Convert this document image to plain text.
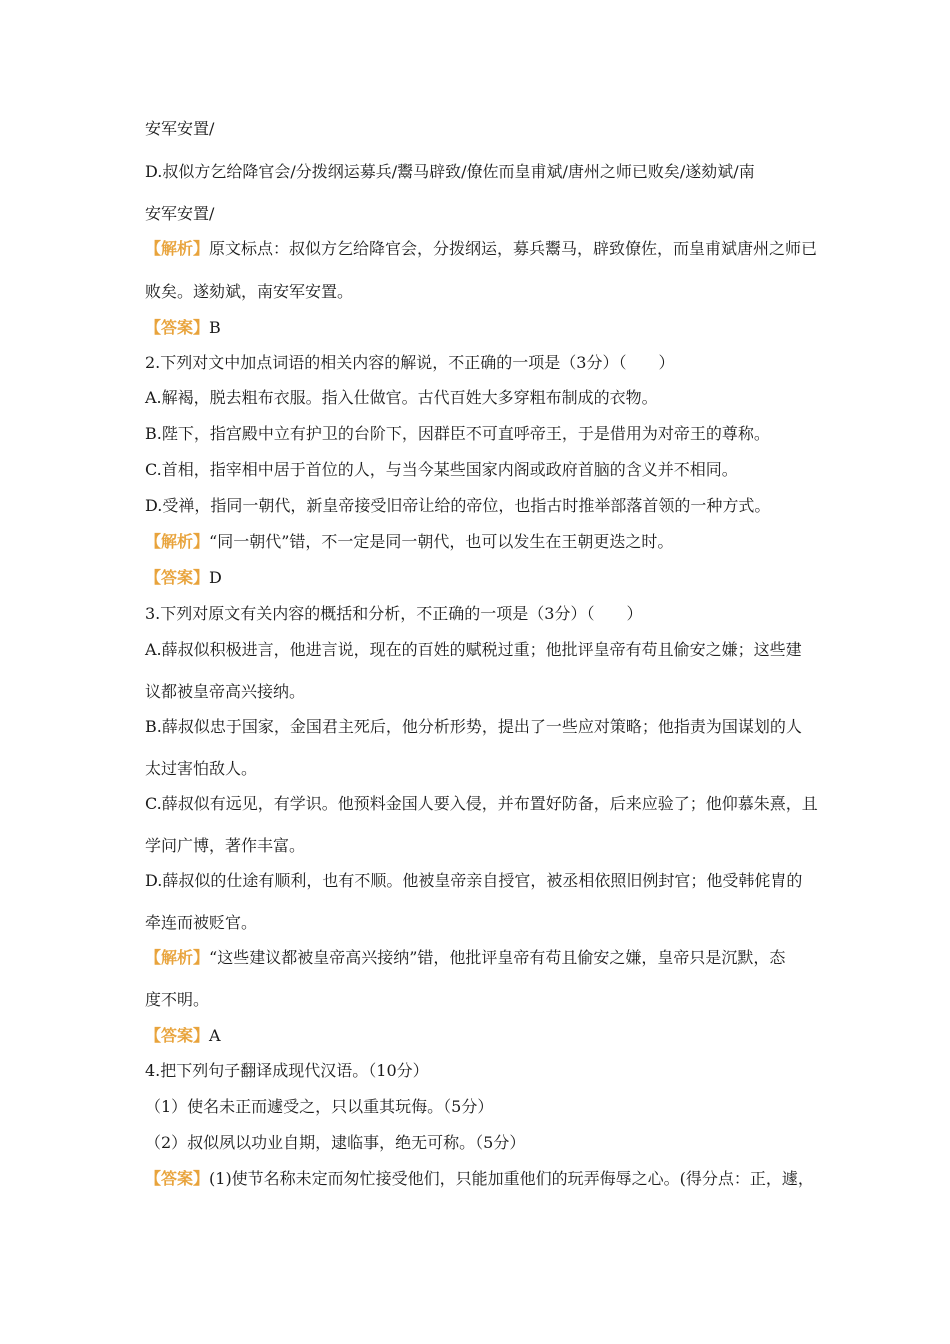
安军安置/
D.叔似方乞给降官会/分拨纲运募兵/鬻马辟致/僚佐而皇甫斌/唐州之师已败矣/遂劾斌/南
安军安置/
【解析】原文标点：叔似方乞给降官会，分拨纲运，募兵鬻马，辟致僚佐，而皇甫斌唐州之师已
败矣。遂劾斌，南安军安置。
【答案】B
2.下列对文中加点词语的相关内容的解说，不正确的一项是（3分）（　　）
A.解褐，脱去粗布衣服。指入仕做官。古代百姓大多穿粗布制成的衣物。
B.陛下，指宫殿中立有护卫的台阶下，因群臣不可直呼帝王，于是借用为对帝王的尊称。
C.首相，指宰相中居于首位的人，与当今某些国家内阁或政府首脑的含义并不相同。
D.受禅，指同一朝代，新皇帝接受旧帝让给的帝位，也指古时推举部落首领的一种方式。
【解析】“同一朝代”错，不一定是同一朝代，也可以发生在王朝更迭之时。
【答案】D
3.下列对原文有关内容的概括和分析，不正确的一项是（3分）（　　）
A.薛叔似积极进言，他进言说，现在的百姓的赋税过重；他批评皇帝有苟且偷安之嫌；这些建
议都被皇帝高兴接纳。
B.薛叔似忠于国家，金国君主死后，他分析形势，提出了一些应对策略；他指责为国谋划的人
太过害怕敌人。
C.薛叔似有远见，有学识。他预料金国人要入侵，并布置好防备，后来应验了；他仰慕朱熹，且
学问广博，著作丰富。
D.薛叔似的仕途有顺利，也有不顺。他被皇帝亲自授官，被丞相依照旧例封官；他受韩侂胄的
牵连而被贬官。
【解析】“这些建议都被皇帝高兴接纳”错，他批评皇帝有苟且偷安之嫌，皇帝只是沉默，态
度不明。
【答案】A
4.把下列句子翻译成现代汉语。（10分）
（1）使名未正而遽受之，只以重其玩侮。（5分）
（2）叔似夙以功业自期，逮临事，绝无可称。（5分）
【答案】(1)使节名称未定而匆忙接受他们，只能加重他们的玩弄侮辱之心。(得分点：正，遽，
